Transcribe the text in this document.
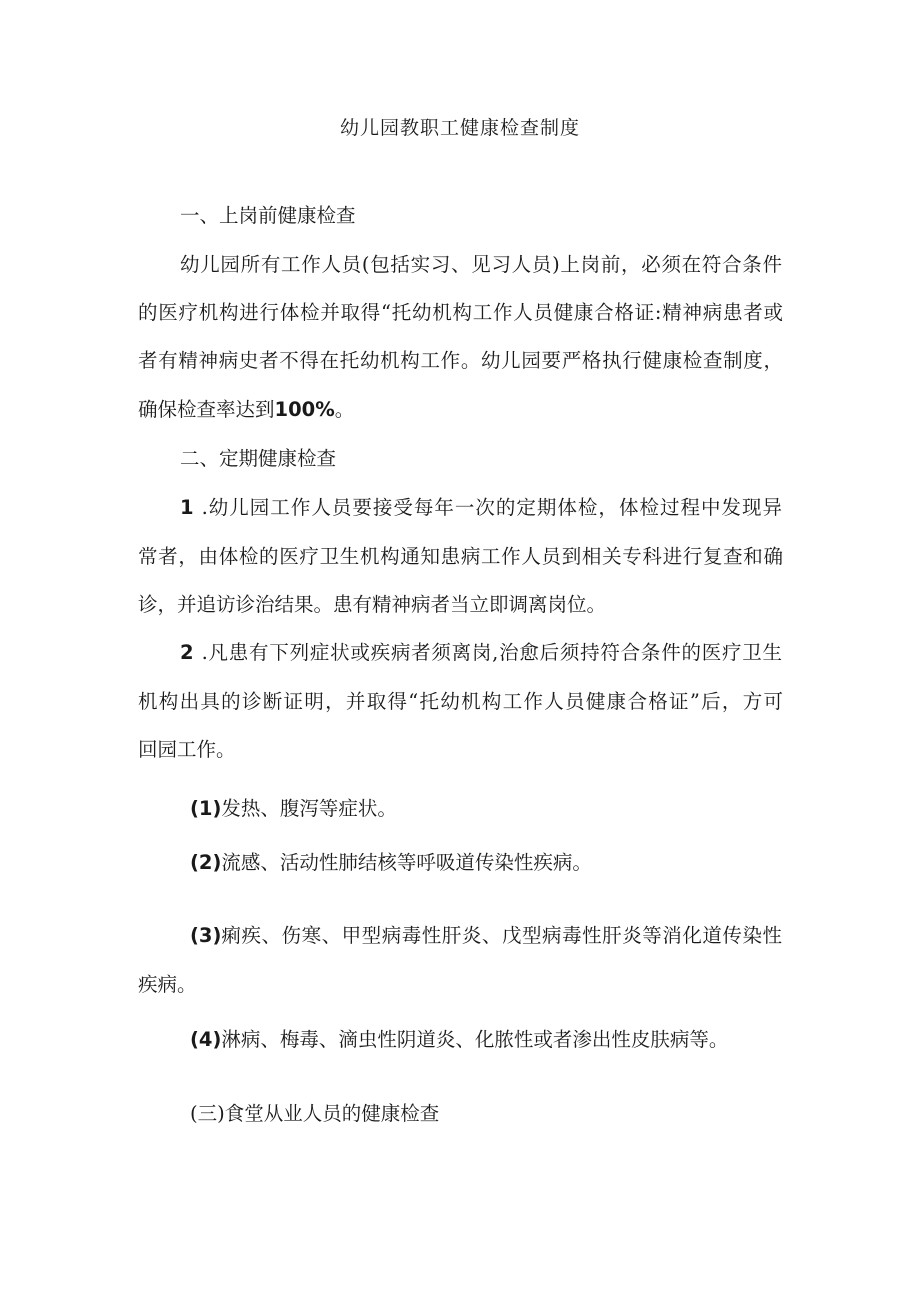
幼儿园教职工健康检查制度
一、上岗前健康检查
幼儿园所有工作人员(包括实习、见习人员)上岗前，必须在符合条件
的医疗机构进行体检并取得“托幼机构工作人员健康合格证:精神病患者或
者有精神病史者不得在托幼机构工作。幼儿园要严格执行健康检查制度，
确保检查率达到100%。
二、定期健康检查
1 .幼儿园工作人员要接受每年一次的定期体检，体检过程中发现异
常者，由体检的医疗卫生机构通知患病工作人员到相关专科进行复查和确
诊，并追访诊治结果。患有精神病者当立即调离岗位。
2 .凡患有下列症状或疾病者须离岗,治愈后须持符合条件的医疗卫生
机构出具的诊断证明，并取得“托幼机构工作人员健康合格证”后，方可
回园工作。
(1)发热、腹泻等症状。
(2)流感、活动性肺结核等呼吸道传染性疾病。
(3) 痢疾、伤寒、甲型病毒性肝炎、戊型病毒性肝炎等消化道传染性
疾病。
(4)淋病、梅毒、滴虫性阴道炎、化脓性或者渗出性皮肤病等。
(三)食堂从业人员的健康检查
